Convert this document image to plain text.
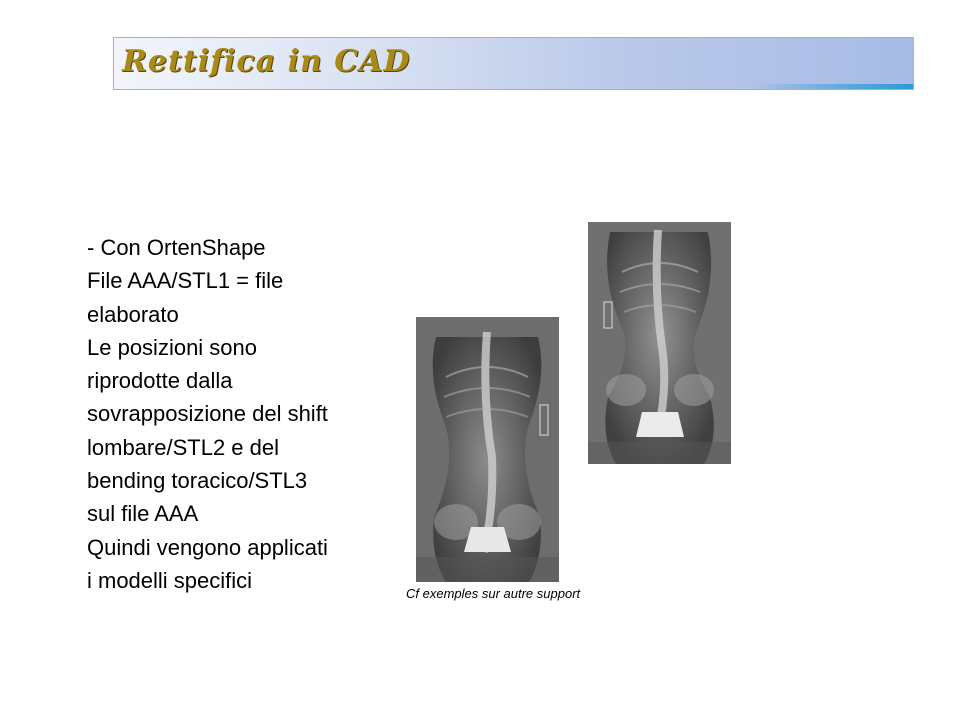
Rettifica in CAD
- Con OrtenShape
File AAA/STL1 = file
elaborato
Le posizioni sono
riprodotte dalla
sovrapposizione del shift
lombare/STL2 e del
bending toracico/STL3
sul file AAA
Quindi vengono applicati
i modelli specifici
Cf exemples sur autre support
